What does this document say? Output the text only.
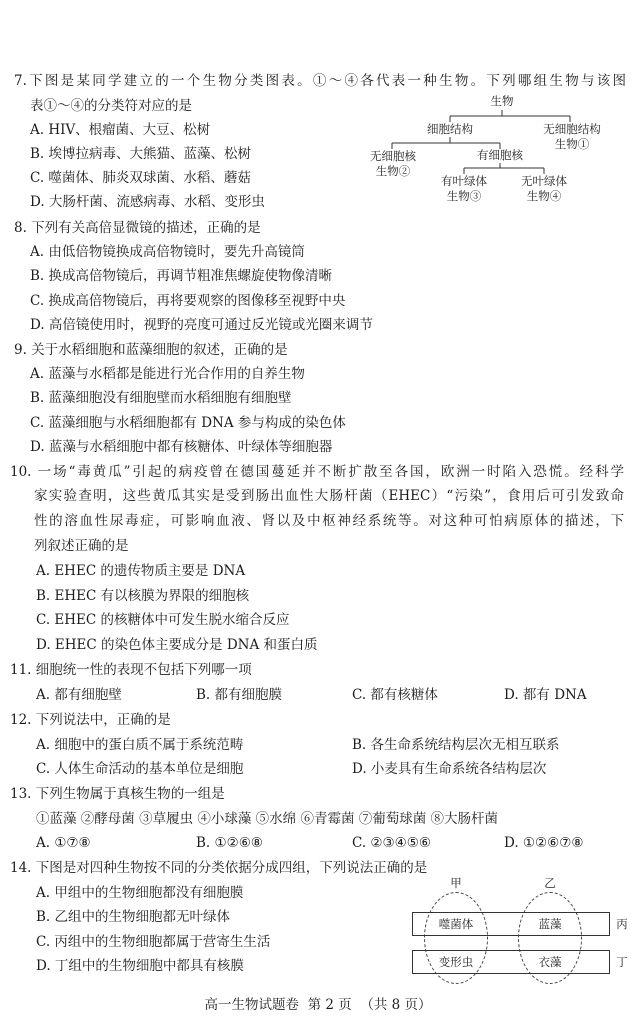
7.下图是某同学建立的一个生物分类图表。①～④各代表一种生物。下列哪组生物与该图
表①～④的分类符对应的是
A. HIV、根瘤菌、大豆、松树
B. 埃博拉病毒、大熊猫、蓝藻、松树
C. 噬菌体、肺炎双球菌、水稻、蘑菇
D. 大肠杆菌、流感病毒、水稻、变形虫
生物
细胞结构	无细胞结构
生物①
无细胞核
生物②
有细胞核
有叶绿体
生物③
无叶绿体
生物④
8. 下列有关高倍显微镜的描述，正确的是
A. 由低倍物镜换成高倍物镜时，要先升高镜筒
B. 换成高倍物镜后，再调节粗准焦螺旋使物像清晰
C. 换成高倍物镜后，再将要观察的图像移至视野中央
D. 高倍镜使用时，视野的亮度可通过反光镜或光圈来调节
9. 关于水稻细胞和蓝藻细胞的叙述，正确的是
A. 蓝藻与水稻都是能进行光合作用的自养生物
B. 蓝藻细胞没有细胞壁而水稻细胞有细胞壁
C. 蓝藻细胞与水稻细胞都有 DNA 参与构成的染色体
D. 蓝藻与水稻细胞中都有核糖体、叶绿体等细胞器
10. 一场“毒黄瓜”引起的病疫曾在德国蔓延并不断扩散至各国，欧洲一时陷入恐慌。经科学
家实验查明，这些黄瓜其实是受到肠出血性大肠杆菌（EHEC）“污染”，食用后可引发致命
性的溶血性尿毒症，可影响血液、肾以及中枢神经系统等。对这种可怕病原体的描述，下
列叙述正确的是
A. EHEC 的遗传物质主要是 DNA
B. EHEC 有以核膜为界限的细胞核
C. EHEC 的核糖体中可发生脱水缩合反应
D. EHEC 的染色体主要成分是 DNA 和蛋白质
11. 细胞统一性的表现不包括下列哪一项
A. 都有细胞壁	B. 都有细胞膜	C. 都有核糖体	D. 都有 DNA
12. 下列说法中，正确的是
A. 细胞中的蛋白质不属于系统范畴	B. 各生命系统结构层次无相互联系
C. 人体生命活动的基本单位是细胞	D. 小麦具有生命系统各结构层次
13. 下列生物属于真核生物的一组是
①蓝藻 ②酵母菌 ③草履虫 ④小球藻 ⑤水绵 ⑥青霉菌 ⑦葡萄球菌 ⑧大肠杆菌
A. ①⑦⑧	B. ①②⑥⑧	C. ②③④⑤⑥	D. ①②⑥⑦⑧
14. 下图是对四种生物按不同的分类依据分成四组，下列说法正确的是
A. 甲组中的生物细胞都没有细胞膜
B. 乙组中的生物细胞都无叶绿体
C. 丙组中的生物细胞都属于营寄生生活
D. 丁组中的生物细胞中都具有核膜
甲	乙
丙
丁
噬菌体	蓝藻
变形虫	衣藻
高一生物试题卷  第 2 页  （共 8 页）
